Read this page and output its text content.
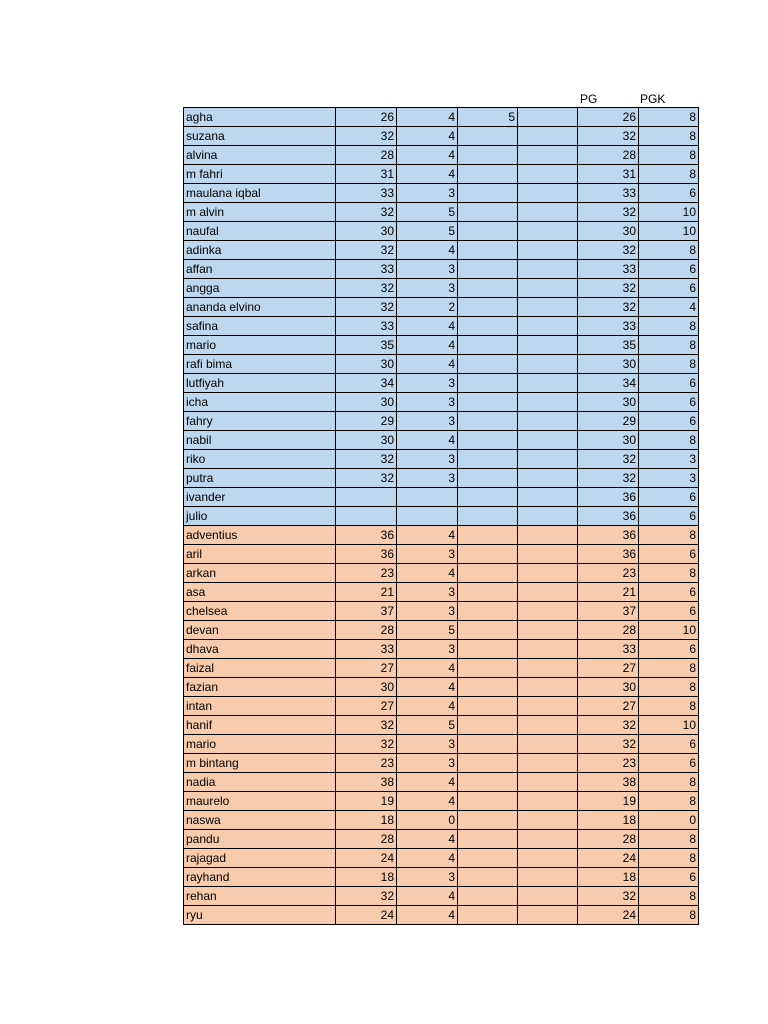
PG	PGK
agha	26	4	5		26	8
suzana	32	4			32	8
alvina	28	4			28	8
m fahri	31	4			31	8
maulana iqbal	33	3			33	6
m alvin	32	5			32	10
naufal	30	5			30	10
adinka	32	4			32	8
affan	33	3			33	6
angga	32	3			32	6
ananda elvino	32	2			32	4
safina	33	4			33	8
mario	35	4			35	8
rafi bima	30	4			30	8
lutfiyah	34	3			34	6
icha	30	3			30	6
fahry	29	3			29	6
nabil	30	4			30	8
riko	32	3			32	3
putra	32	3			32	3
ivander					36	6
julio					36	6
adventius	36	4			36	8
aril	36	3			36	6
arkan	23	4			23	8
asa	21	3			21	6
chelsea	37	3			37	6
devan	28	5			28	10
dhava	33	3			33	6
faizal	27	4			27	8
fazian	30	4			30	8
intan	27	4			27	8
hanif	32	5			32	10
mario	32	3			32	6
m bintang	23	3			23	6
nadia	38	4			38	8
maurelo	19	4			19	8
naswa	18	0			18	0
pandu	28	4			28	8
rajagad	24	4			24	8
rayhand	18	3			18	6
rehan	32	4			32	8
ryu	24	4			24	8
